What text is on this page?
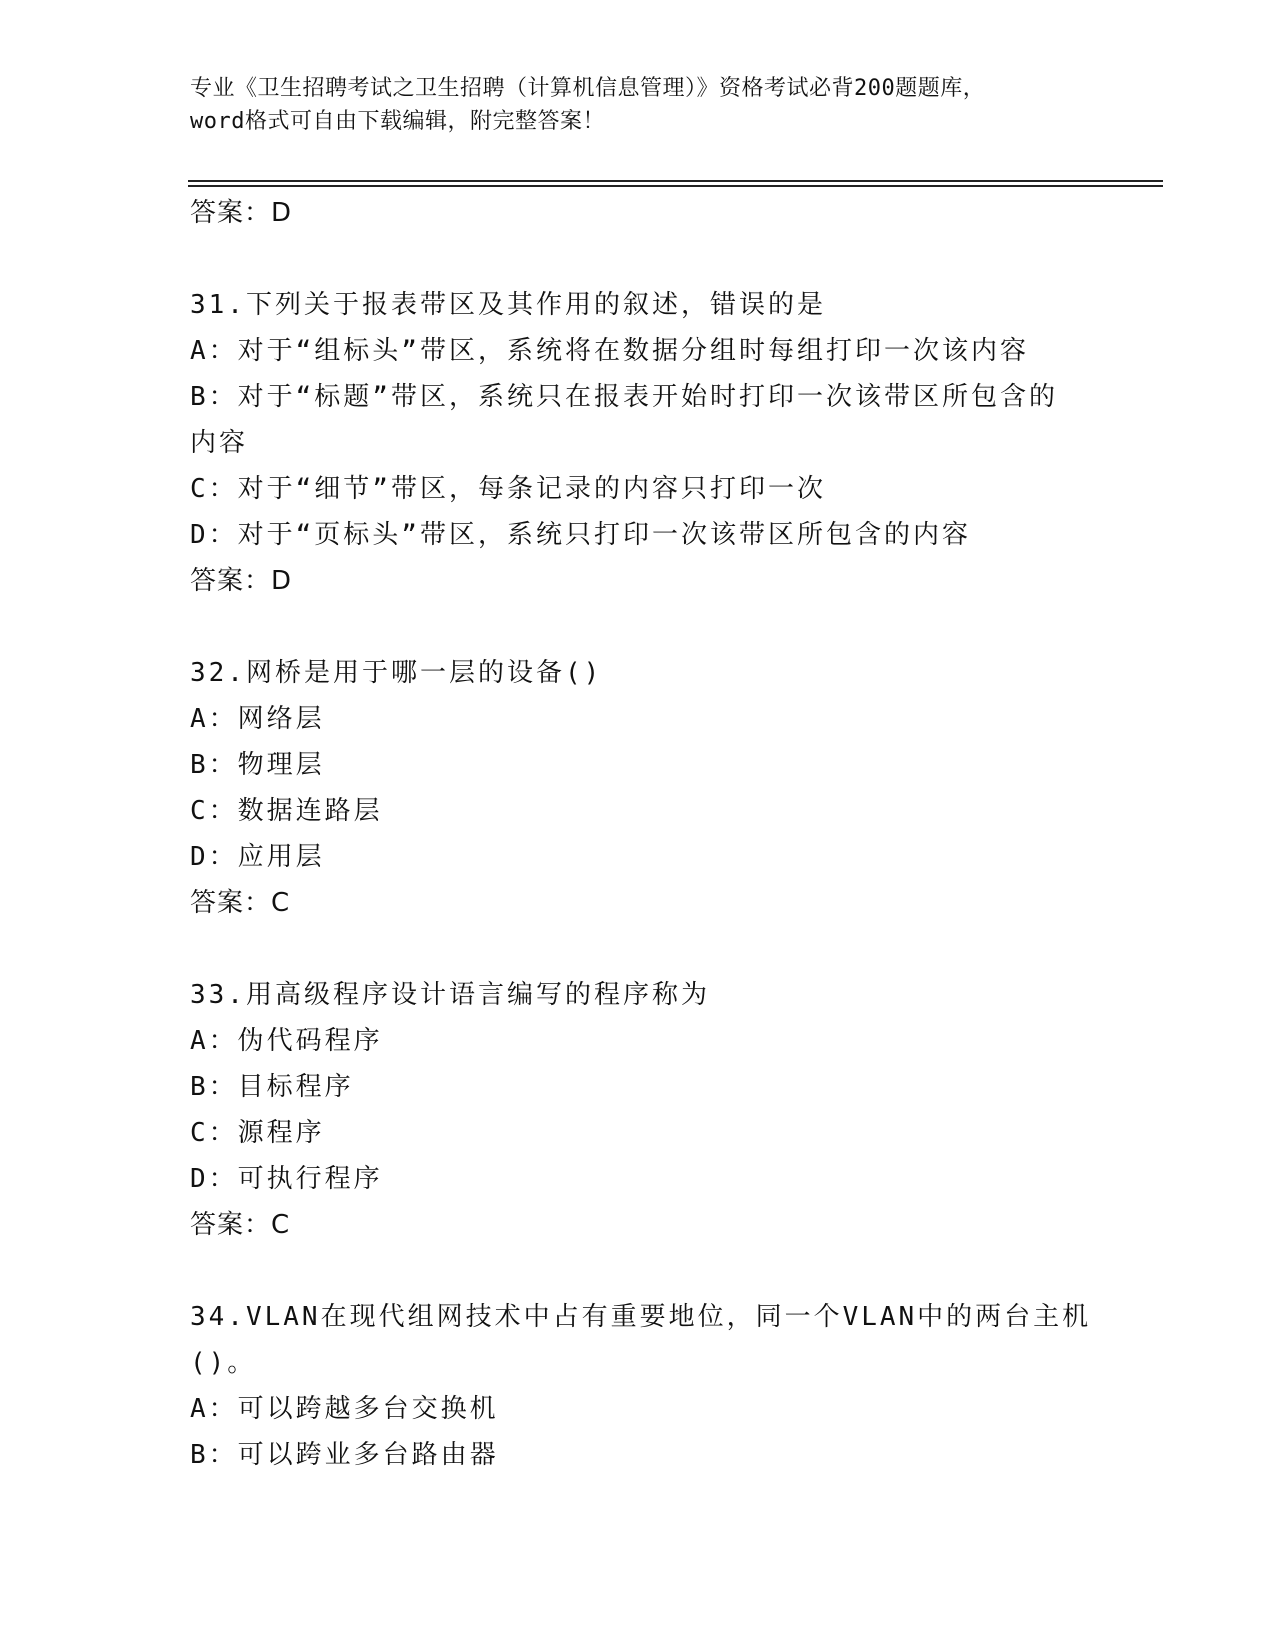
专业《卫生招聘考试之卫生招聘（计算机信息管理）》资格考试必背200题题库，
word格式可自由下载编辑，附完整答案！
答案：D
31.下列关于报表带区及其作用的叙述，错误的是
A：对于“组标头”带区，系统将在数据分组时每组打印一次该内容
B：对于“标题”带区，系统只在报表开始时打印一次该带区所包含的
内容
C：对于“细节”带区，每条记录的内容只打印一次
D：对于“页标头”带区，系统只打印一次该带区所包含的内容
答案：D
32.网桥是用于哪一层的设备()
A：网络层
B：物理层
C：数据连路层
D：应用层
答案：C
33.用高级程序设计语言编写的程序称为
A：伪代码程序
B：目标程序
C：源程序
D：可执行程序
答案：C
34.VLAN在现代组网技术中占有重要地位，同一个VLAN中的两台主机
()。
A：可以跨越多台交换机
B：可以跨业多台路由器
